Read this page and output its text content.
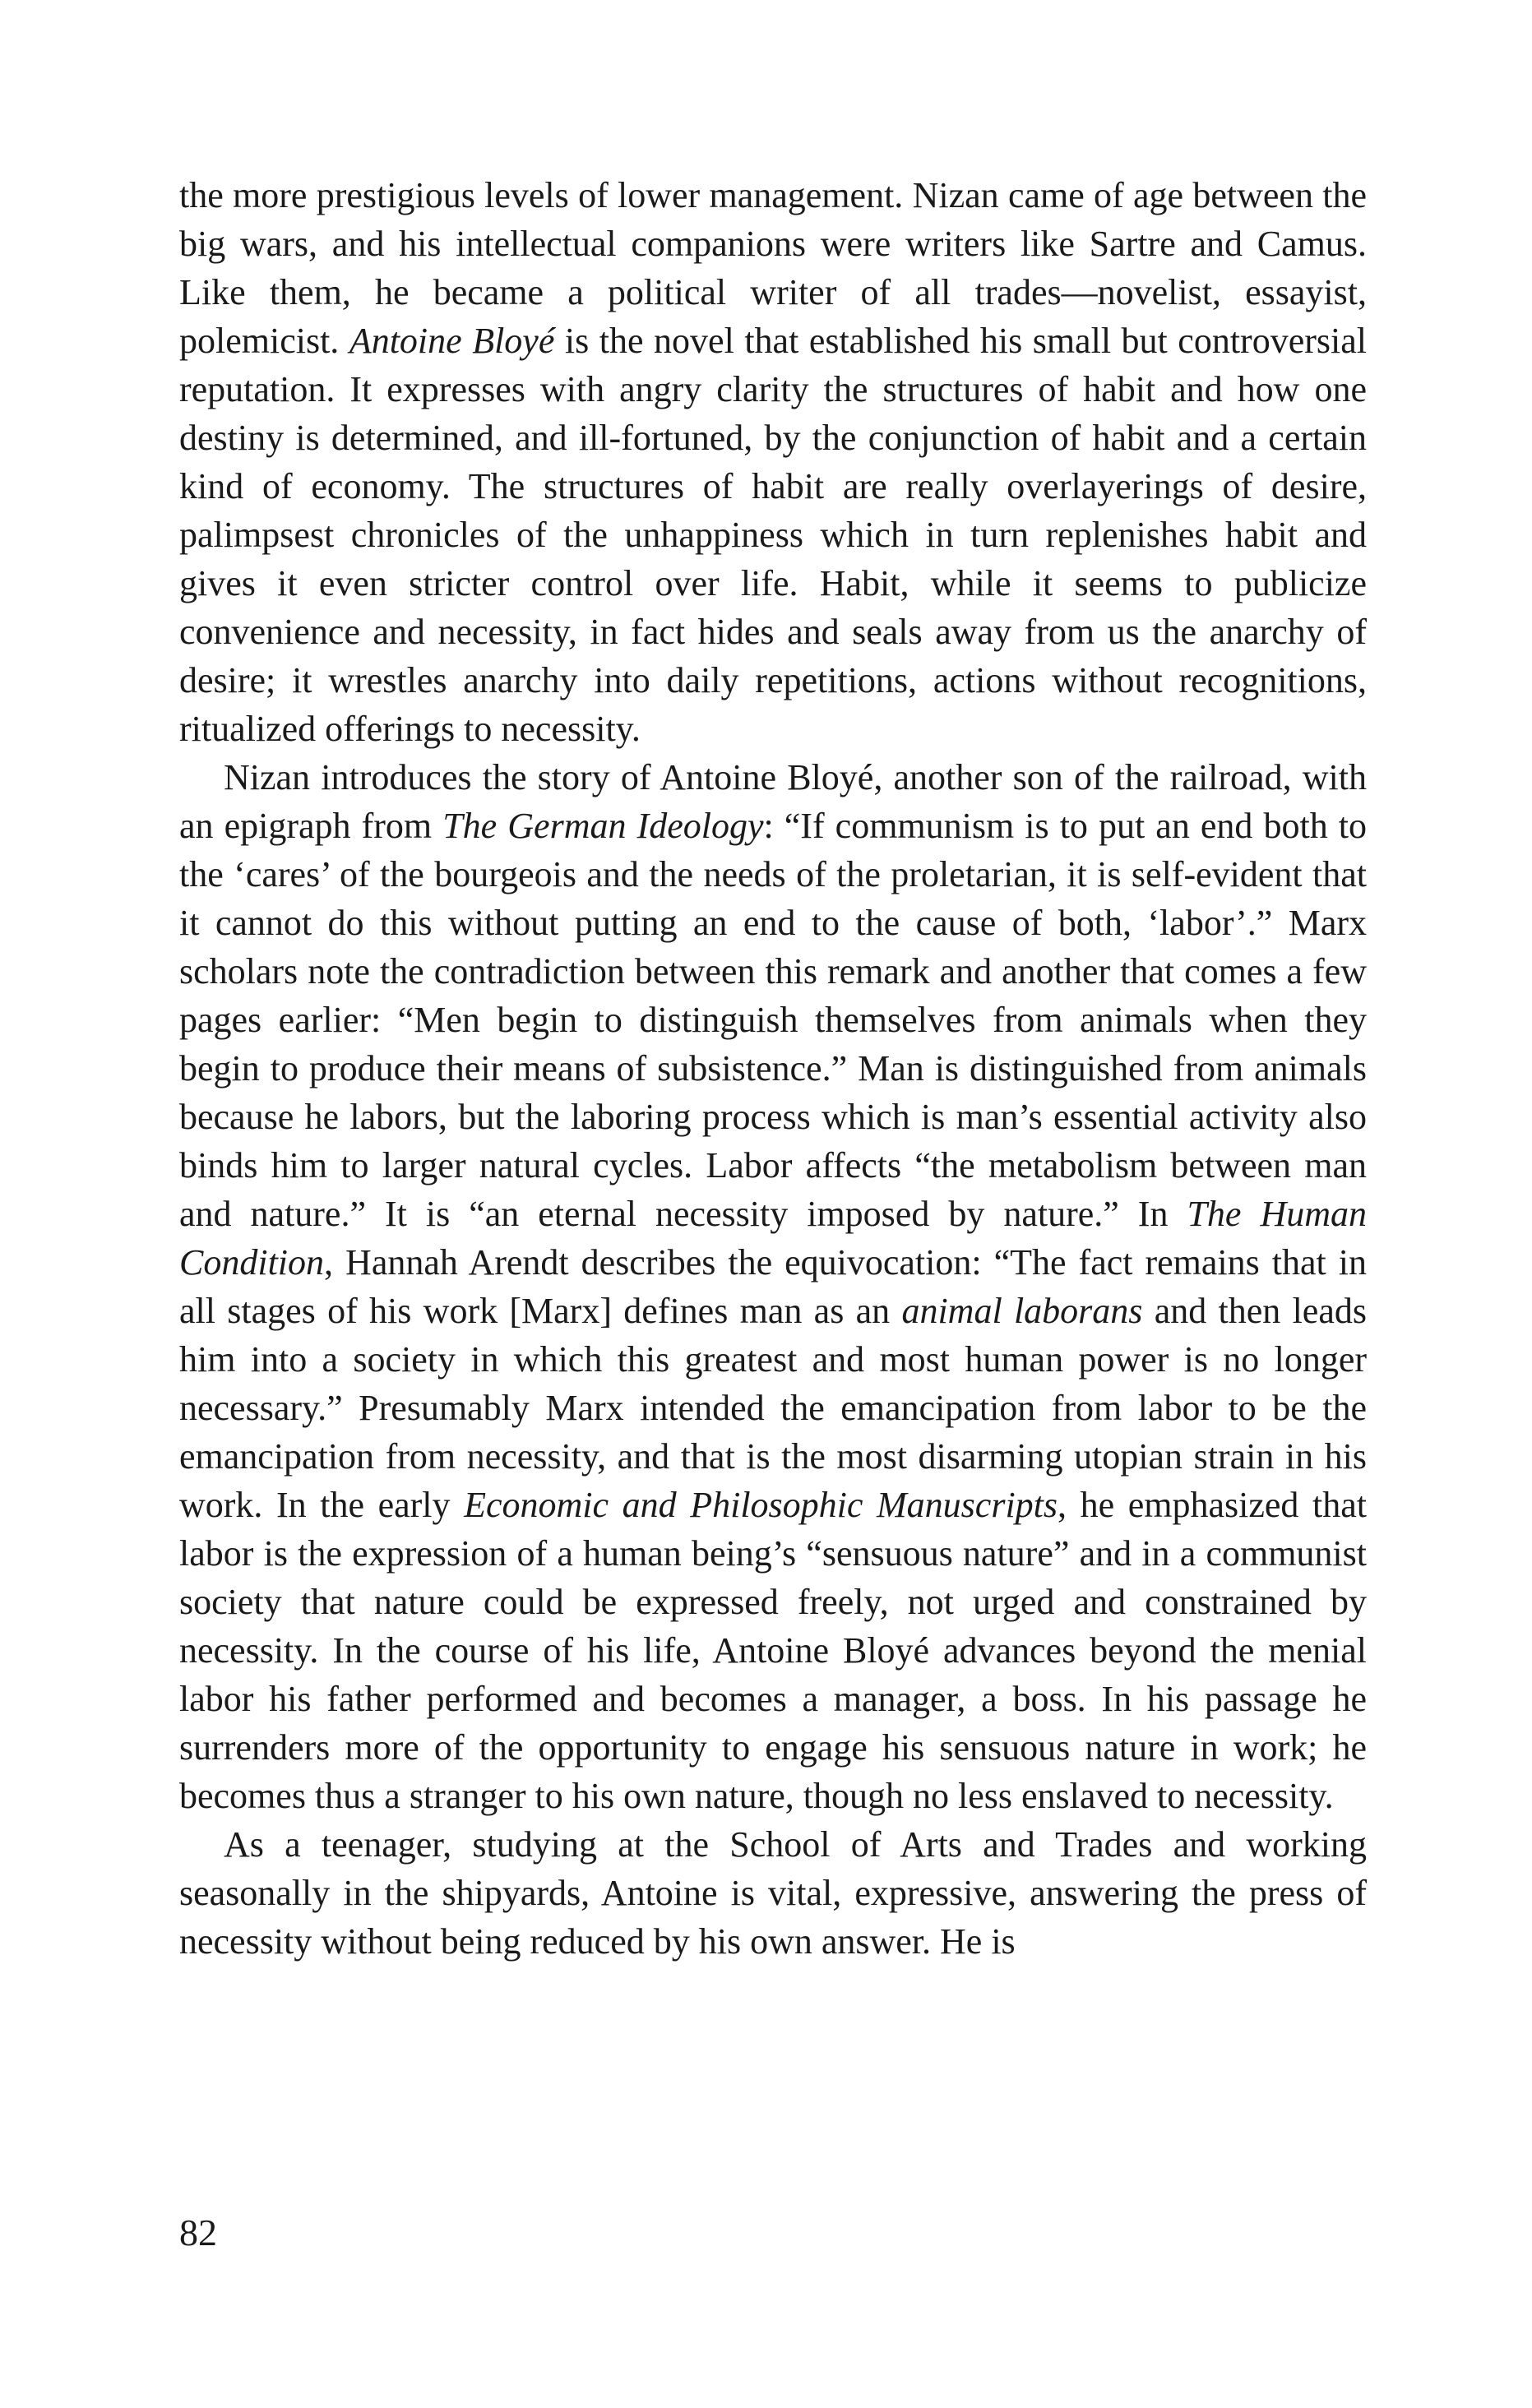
the more prestigious levels of lower management. Nizan came of age between the big wars, and his intellectual companions were writers like Sartre and Camus. Like them, he became a political writer of all trades—novelist, essayist, polemicist. Antoine Bloyé is the novel that established his small but controversial reputation. It expresses with angry clarity the structures of habit and how one destiny is determined, and ill-fortuned, by the conjunction of habit and a certain kind of economy. The structures of habit are really overlayerings of desire, palimpsest chronicles of the unhappiness which in turn replenishes habit and gives it even stricter control over life. Habit, while it seems to publicize convenience and necessity, in fact hides and seals away from us the anarchy of desire; it wrestles anarchy into daily repetitions, actions without recognitions, ritualized offerings to necessity.

Nizan introduces the story of Antoine Bloyé, another son of the railroad, with an epigraph from The German Ideology: “If communism is to put an end both to the ‘cares’ of the bourgeois and the needs of the proletarian, it is self-evident that it cannot do this without putting an end to the cause of both, ‘labor’.” Marx scholars note the contradiction between this remark and another that comes a few pages earlier: “Men begin to distinguish themselves from animals when they begin to produce their means of subsistence.” Man is distinguished from animals because he labors, but the laboring process which is man’s essential activity also binds him to larger natural cycles. Labor affects “the metabolism between man and nature.” It is “an eternal necessity imposed by nature.” In The Human Condition, Hannah Arendt describes the equivocation: “The fact remains that in all stages of his work [Marx] defines man as an animal laborans and then leads him into a society in which this greatest and most human power is no longer necessary.” Presumably Marx intended the emancipation from labor to be the emancipation from necessity, and that is the most disarming utopian strain in his work. In the early Economic and Philosophic Manuscripts, he emphasized that labor is the expression of a human being’s “sensuous nature” and in a communist society that nature could be expressed freely, not urged and constrained by necessity. In the course of his life, Antoine Bloyé advances beyond the menial labor his father performed and becomes a manager, a boss. In his passage he surrenders more of the opportunity to engage his sensuous nature in work; he becomes thus a stranger to his own nature, though no less enslaved to necessity.

As a teenager, studying at the School of Arts and Trades and working seasonally in the shipyards, Antoine is vital, expressive, answering the press of necessity without being reduced by his own answer. He is

82
